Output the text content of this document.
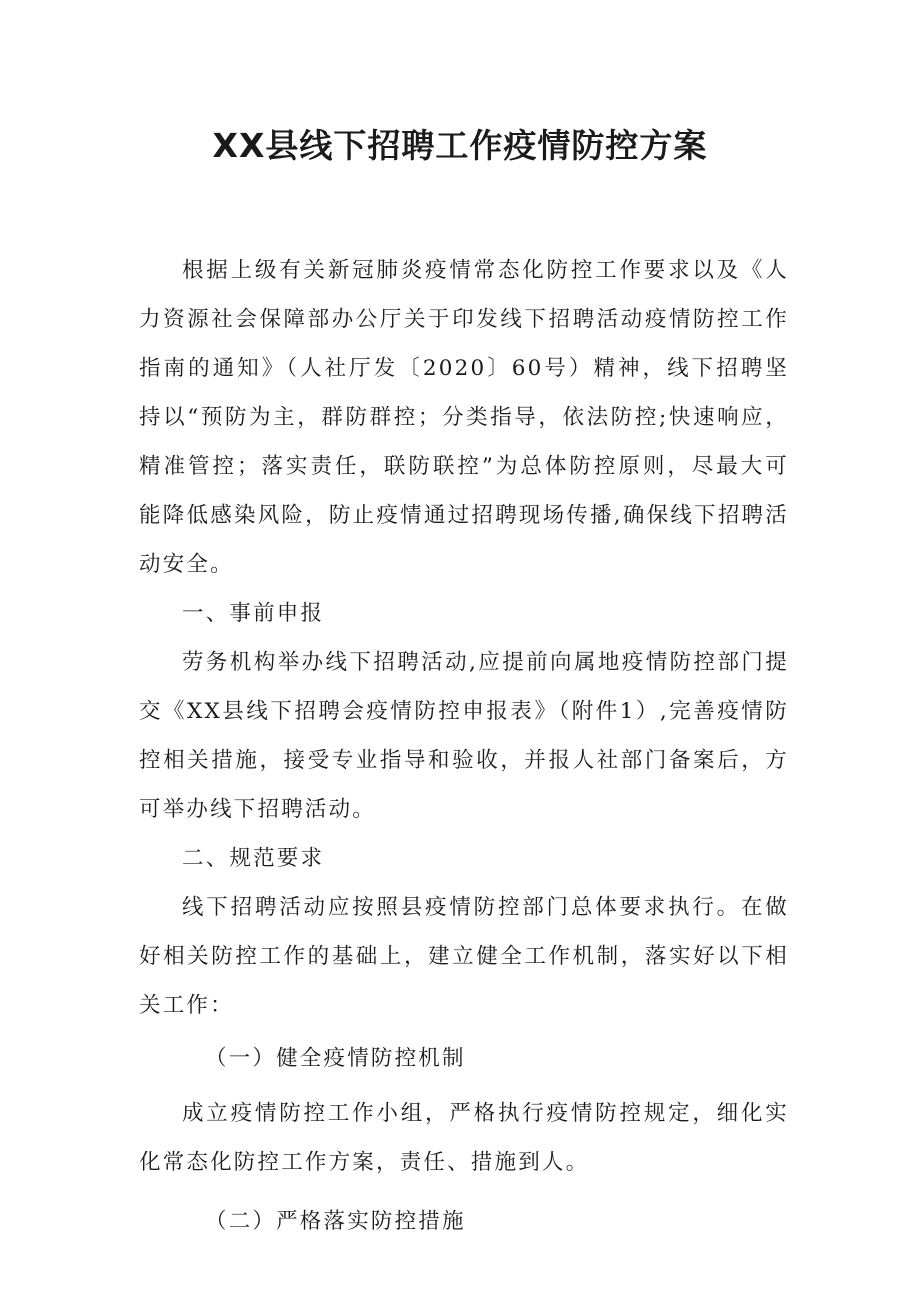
XX县线下招聘工作疫情防控方案

根据上级有关新冠肺炎疫情常态化防控工作要求以及《人力资源社会保障部办公厅关于印发线下招聘活动疫情防控工作指南的通知》（人社厅发〔2020〕60号）精神，线下招聘坚持以“预防为主，群防群控；分类指导，依法防控;快速响应，精准管控；落实责任，联防联控”为总体防控原则，尽最大可能降低感染风险，防止疫情通过招聘现场传播,确保线下招聘活动安全。

一、事前申报

劳务机构举办线下招聘活动,应提前向属地疫情防控部门提交《XX县线下招聘会疫情防控申报表》（附件1）,完善疫情防控相关措施，接受专业指导和验收，并报人社部门备案后，方可举办线下招聘活动。

二、规范要求

线下招聘活动应按照县疫情防控部门总体要求执行。在做好相关防控工作的基础上，建立健全工作机制，落实好以下相关工作：

（一）健全疫情防控机制

成立疫情防控工作小组，严格执行疫情防控规定，细化实化常态化防控工作方案，责任、措施到人。

（二）严格落实防控措施
